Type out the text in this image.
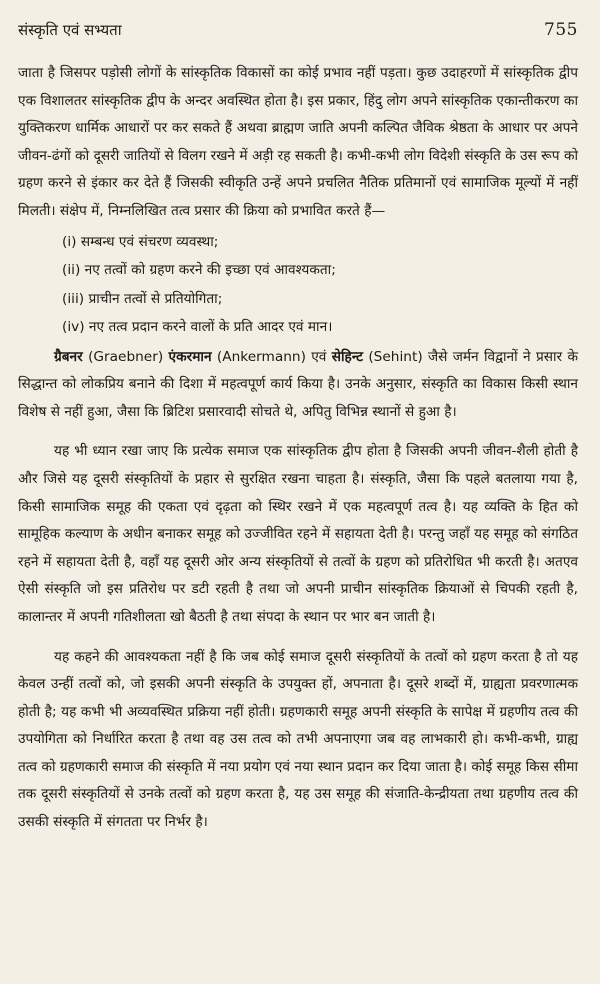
संस्कृति एवं सभ्यता	755

जाता है जिसपर पड़ोसी लोगों के सांस्कृतिक विकासों का कोई प्रभाव नहीं पड़ता। कुछ उदाहरणों में सांस्कृतिक द्वीप एक विशालतर सांस्कृतिक द्वीप के अन्दर अवस्थित होता है। इस प्रकार, हिंदु लोग अपने सांस्कृतिक एकान्तीकरण का युक्तिकरण धार्मिक आधारों पर कर सकते हैं अथवा ब्राह्मण जाति अपनी कल्पित जैविक श्रेष्ठता के आधार पर अपने जीवन-ढंगों को दूसरी जातियों से विलग रखने में अड़ी रह सकती है। कभी-कभी लोग विदेशी संस्कृति के उस रूप को ग्रहण करने से इंकार कर देते हैं जिसकी स्वीकृति उन्हें अपने प्रचलित नैतिक प्रतिमानों एवं सामाजिक मूल्यों में नहीं मिलती। संक्षेप में, निम्नलिखित तत्व प्रसार की क्रिया को प्रभावित करते हैं—

(i) सम्बन्ध एवं संचरण व्यवस्था;
(ii) नए तत्वों को ग्रहण करने की इच्छा एवं आवश्यकता;
(iii) प्राचीन तत्वों से प्रतियोगिता;
(iv) नए तत्व प्रदान करने वालों के प्रति आदर एवं मान।

ग्रैबनर (Graebner) एंकरमान (Ankermann) एवं सेहिन्ट (Sehint) जैसे जर्मन विद्वानों ने प्रसार के सिद्धान्त को लोकप्रिय बनाने की दिशा में महत्वपूर्ण कार्य किया है। उनके अनुसार, संस्कृति का विकास किसी स्थान विशेष से नहीं हुआ, जैसा कि ब्रिटिश प्रसारवादी सोचते थे, अपितु विभिन्न स्थानों से हुआ है।

यह भी ध्यान रखा जाए कि प्रत्येक समाज एक सांस्कृतिक द्वीप होता है जिसकी अपनी जीवन-शैली होती है और जिसे यह दूसरी संस्कृतियों के प्रहार से सुरक्षित रखना चाहता है। संस्कृति, जैसा कि पहले बतलाया गया है, किसी सामाजिक समूह की एकता एवं दृढ़ता को स्थिर रखने में एक महत्वपूर्ण तत्व है। यह व्यक्ति के हित को सामूहिक कल्याण के अधीन बनाकर समूह को उज्जीवित रहने में सहायता देती है। परन्तु जहाँ यह समूह को संगठित रहने में सहायता देती है, वहाँ यह दूसरी ओर अन्य संस्कृतियों से तत्वों के ग्रहण को प्रतिरोधित भी करती है। अतएव ऐसी संस्कृति जो इस प्रतिरोध पर डटी रहती है तथा जो अपनी प्राचीन सांस्कृतिक क्रियाओं से चिपकी रहती है, कालान्तर में अपनी गतिशीलता खो बैठती है तथा संपदा के स्थान पर भार बन जाती है।

यह कहने की आवश्यकता नहीं है कि जब कोई समाज दूसरी संस्कृतियों के तत्वों को ग्रहण करता है तो यह केवल उन्हीं तत्वों को, जो इसकी अपनी संस्कृति के उपयुक्त हों, अपनाता है। दूसरे शब्दों में, ग्राह्यता प्रवरणात्मक होती है; यह कभी भी अव्यवस्थित प्रक्रिया नहीं होती। ग्रहणकारी समूह अपनी संस्कृति के सापेक्ष में ग्रहणीय तत्व की उपयोगिता को निर्धारित करता है तथा वह उस तत्व को तभी अपनाएगा जब वह लाभकारी हो। कभी-कभी, ग्राह्य तत्व को ग्रहणकारी समाज की संस्कृति में नया प्रयोग एवं नया स्थान प्रदान कर दिया जाता है। कोई समूह किस सीमा तक दूसरी संस्कृतियों से उनके तत्वों को ग्रहण करता है, यह उस समूह की संजाति-केन्द्रीयता तथा ग्रहणीय तत्व की उसकी संस्कृति में संगतता पर निर्भर है।
